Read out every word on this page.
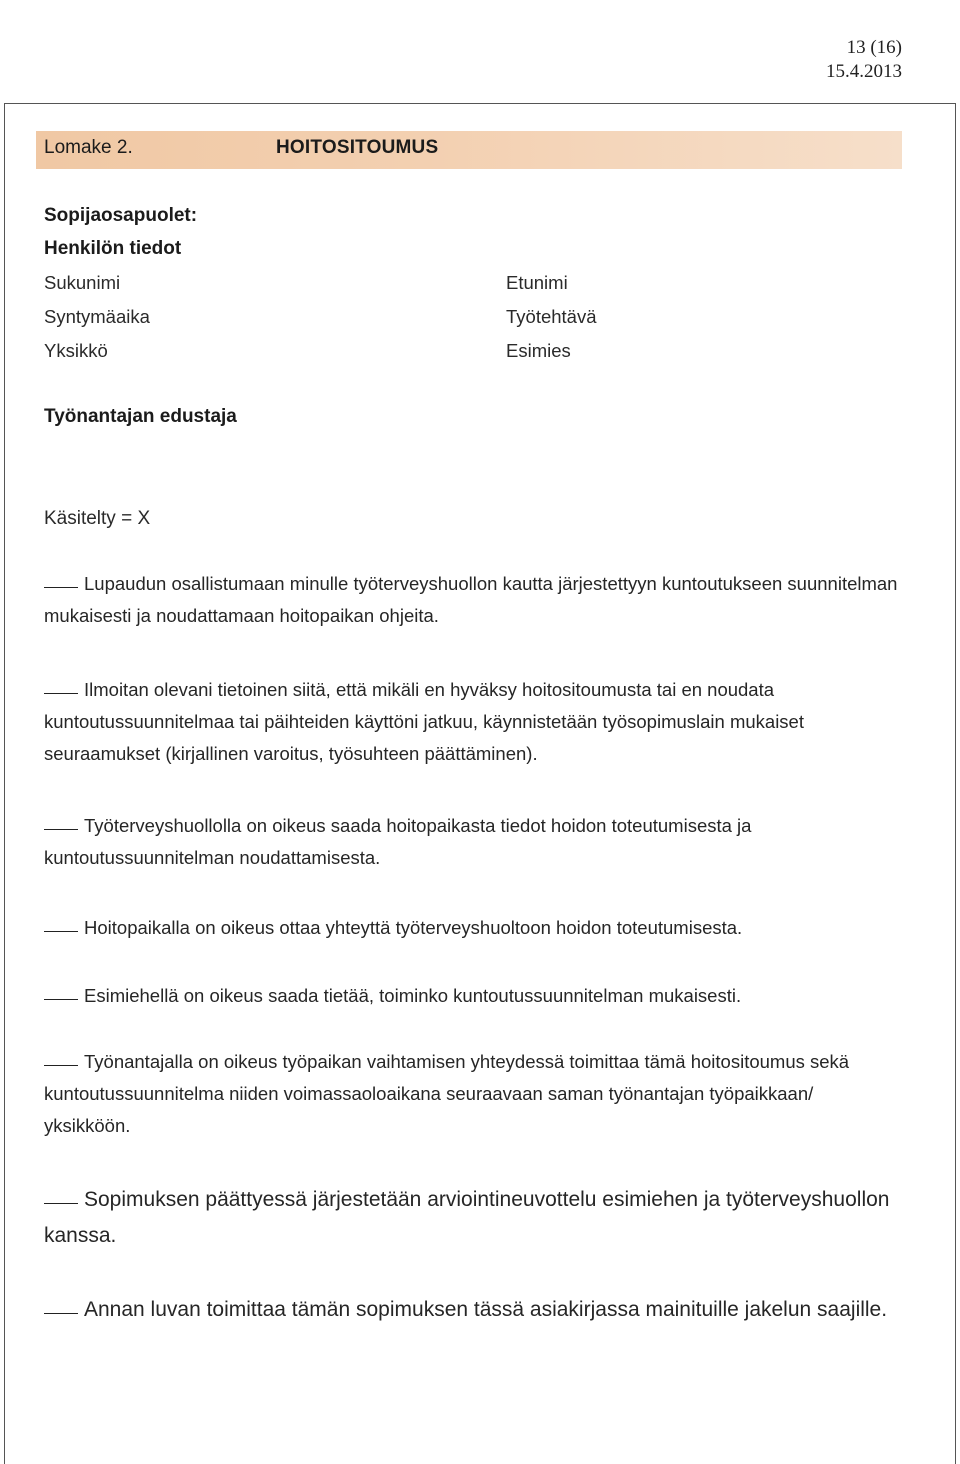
13 (16)
15.4.2013
Lomake 2.	HOITOSITOUMUS
Sopijaosapuolet:
Henkilön tiedot
Sukunimi	Etunimi
Syntymäaika	Työtehtävä
Yksikkö	Esimies
Työnantajan edustaja
Käsitelty = X
Lupaudun osallistumaan minulle työterveyshuollon kautta järjestettyyn kuntoutukseen suunnitelman mukaisesti ja noudattamaan hoitopaikan ohjeita.
Ilmoitan olevani tietoinen siitä, että mikäli en hyväksy hoitositoumusta tai en noudata kuntoutussuunnitelmaa tai päihteiden käyttöni jatkuu, käynnistetään työsopimuslain mukaiset seuraamukset (kirjallinen varoitus, työsuhteen päättäminen).
Työterveyshuollolla on oikeus saada hoitopaikasta tiedot hoidon toteutumisesta ja kuntoutussuunnitelman noudattamisesta.
Hoitopaikalla on oikeus ottaa yhteyttä työterveyshuoltoon hoidon toteutumisesta.
Esimiehellä on oikeus saada tietää, toiminko kuntoutussuunnitelman mukaisesti.
Työnantajalla on oikeus työpaikan vaihtamisen yhteydessä toimittaa tämä hoitositoumus sekä kuntoutussuunnitelma niiden voimassaoloaikana seuraavaan saman työnantajan työpaikkaan/ yksikköön.
Sopimuksen päättyessä järjestetään arviointineuvottelu esimiehen ja työterveyshuollon kanssa.
Annan luvan toimittaa tämän sopimuksen tässä asiakirjassa mainituille jakelun saajille.
